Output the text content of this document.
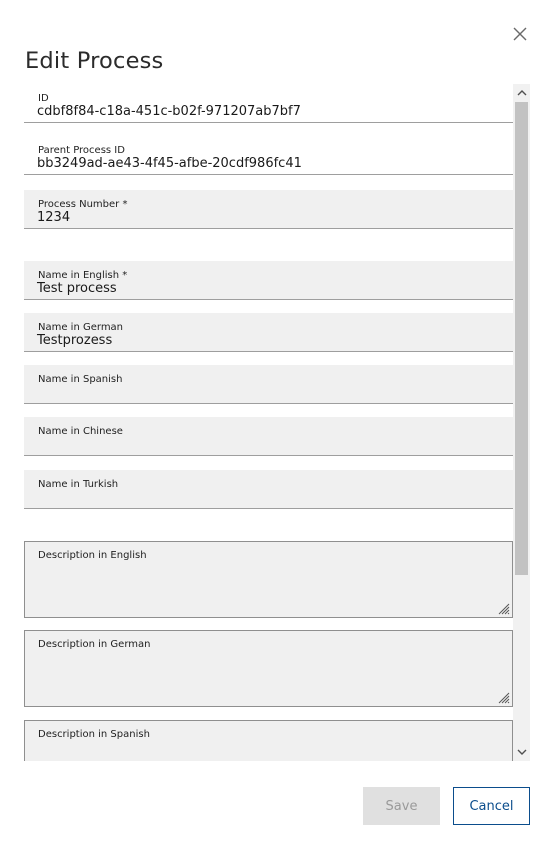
Edit Process
ID
cdbf8f84-c18a-451c-b02f-971207ab7bf7
Parent Process ID
bb3249ad-ae43-4f45-afbe-20cdf986fc41
Process Number *
1234
Name in English *
Test process
Name in German
Testprozess
Name in Spanish
Name in Chinese
Name in Turkish
Description in English
Description in German
Description in Spanish
Save	Cancel
